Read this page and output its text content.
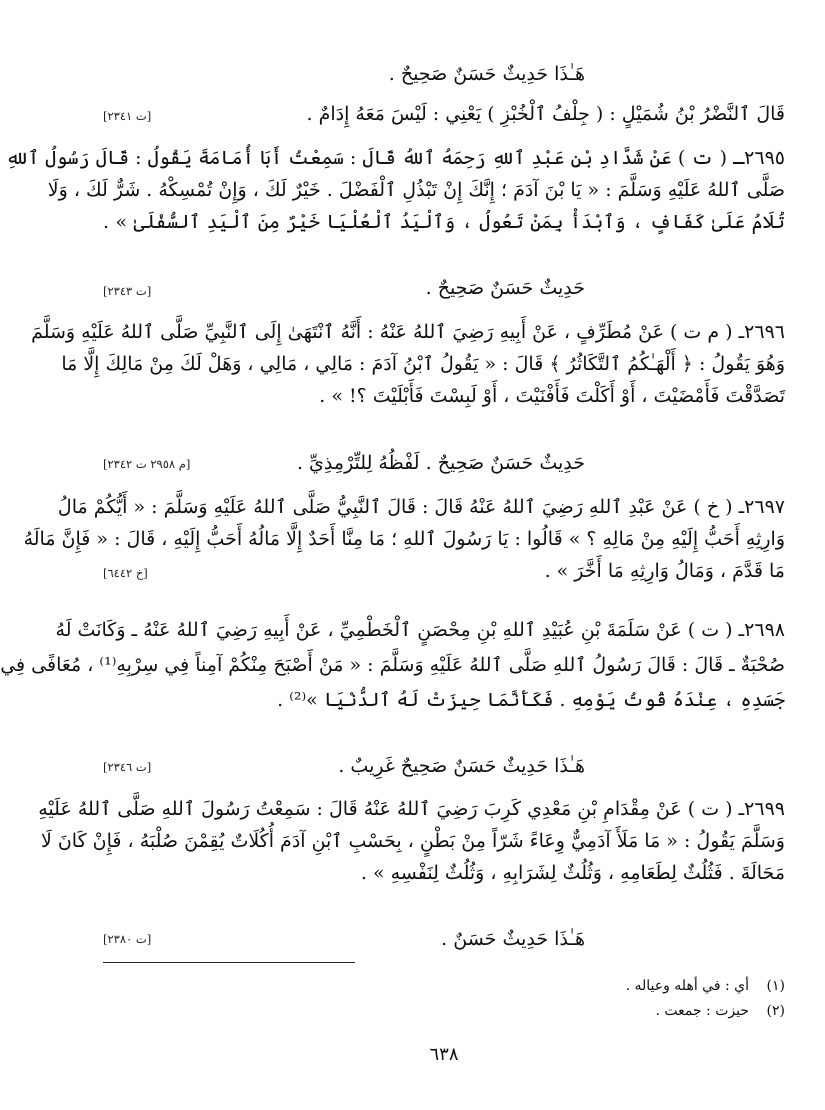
هَـٰذَا حَدِيثٌ حَسَنٌ صَحِيحٌ .
قَالَ ٱلنَّضْرُ بْنُ شُمَيْلٍ : ( جِلْفُ ٱلْخُبْزِ ) يَعْنِي : لَيْسَ مَعَهُ إِدَامٌ .
[ت ٢٣٤١]
٢٦٩٥ـ ( ت ) عَنْ شَدَّادِ بْنِ عَبْدِ ٱللهِ رَحِمَهُ ٱللهُ قَالَ : سَمِعْتُ أَبَا أُمَامَةَ يَقُولُ : قَالَ رَسُولُ ٱللهِ
صَلَّى ٱللهُ عَلَيْهِ وَسَلَّمَ : « يَا بْنَ آدَمَ ؛ إِنَّكَ إِنْ تَبْذُلِ ٱلْفَضْلَ . خَيْرٌ لَكَ ، وَإِنْ تُمْسِكْهُ . شَرٌّ لَكَ ، وَلَا
تُلَامُ عَلَىٰ كَفَافٍ ، وَٱبْدَأْ بِمَنْ تَعُولُ ، وَٱلْيَدُ ٱلْعُلْيَا خَيْرٌ مِنَ ٱلْيَدِ ٱلسُّفْلَىٰ » .
حَدِيثٌ حَسَنٌ صَحِيحٌ .
[ت ٢٣٤٣]
٢٦٩٦ـ ( م ت ) عَنْ مُطَرِّفٍ ، عَنْ أَبِيهِ رَضِيَ ٱللهُ عَنْهُ : أَنَّهُ ٱنْتَهَىٰ إِلَى ٱلنَّبِيِّ صَلَّى ٱللهُ عَلَيْهِ وَسَلَّمَ
وَهُوَ يَقُولُ : ﴿ أَلْهَـٰكُمُ ٱلتَّكَاثُرُ ﴾ قَالَ : « يَقُولُ ٱبْنُ آدَمَ : مَالِي ، مَالِي ، وَهَلْ لَكَ مِنْ مَالِكَ إِلَّا مَا
تَصَدَّقْتَ فَأَمْضَيْتَ ، أَوْ أَكَلْتَ فَأَفْنَيْتَ ، أَوْ لَبِسْتَ فَأَبْلَيْتَ ؟! » .
حَدِيثٌ حَسَنٌ صَحِيحٌ . لَفْظُهُ لِلتِّرْمِذِيِّ .
[م ٢٩٥٨ ت ٢٣٤٢]
٢٦٩٧ـ ( خ ) عَنْ عَبْدِ ٱللهِ رَضِيَ ٱللهُ عَنْهُ قَالَ : قَالَ ٱلنَّبِيُّ صَلَّى ٱللهُ عَلَيْهِ وَسَلَّمَ : « أَيُّكُمْ مَالُ
وَارِثِهِ أَحَبُّ إِلَيْهِ مِنْ مَالِهِ ؟ » قَالُوا : يَا رَسُولَ ٱللهِ ؛ مَا مِنَّا أَحَدٌ إِلَّا مَالُهُ أَحَبُّ إِلَيْهِ ، قَالَ : « فَإِنَّ مَالَهُ
مَا قَدَّمَ ، وَمَالُ وَارِثِهِ مَا أَخَّرَ » .
[خ ٦٤٤٢]
٢٦٩٨ـ ( ت ) عَنْ سَلَمَةَ بْنِ عُبَيْدِ ٱللهِ بْنِ مِحْصَنٍ ٱلْخَطْمِيِّ ، عَنْ أَبِيهِ رَضِيَ ٱللهُ عَنْهُ ـ وَكَانَتْ لَهُ
صُحْبَةٌ ـ قَالَ : قَالَ رَسُولُ ٱللهِ صَلَّى ٱللهُ عَلَيْهِ وَسَلَّمَ : « مَنْ أَصْبَحَ مِنْكُمْ آمِناً فِي سِرْبِهِ⁽¹⁾ ، مُعَافًى فِي
جَسَدِهِ ، عِنْدَهُ قُوتُ يَوْمِهِ . فَكَأَنَّمَا حِيزَتْ لَهُ ٱلدُّنْيَا »⁽²⁾ .
هَـٰذَا حَدِيثٌ حَسَنٌ صَحِيحٌ غَرِيبٌ .
[ت ٢٣٤٦]
٢٦٩٩ـ ( ت ) عَنْ مِقْدَامِ بْنِ مَعْدِي كَرِبَ رَضِيَ ٱللهُ عَنْهُ قَالَ : سَمِعْتُ رَسُولَ ٱللهِ صَلَّى ٱللهُ عَلَيْهِ
وَسَلَّمَ يَقُولُ : « مَا مَلَأَ آدَمِيٌّ وِعَاءً شَرّاً مِنْ بَطْنٍ ، بِحَسْبِ ٱبْنِ آدَمَ أُكُلَاتٌ يُقِمْنَ صُلْبَهُ ، فَإِنْ كَانَ لَا
مَحَالَةَ . فَثُلُثٌ لِطَعَامِهِ ، وَثُلُثٌ لِشَرَابِهِ ، وَثُلُثٌ لِنَفْسِهِ » .
هَـٰذَا حَدِيثٌ حَسَنٌ .
[ت ٢٣٨٠]
(١)أي : في أهله وعياله .
(٢)حيزت : جمعت .
٦٣٨
